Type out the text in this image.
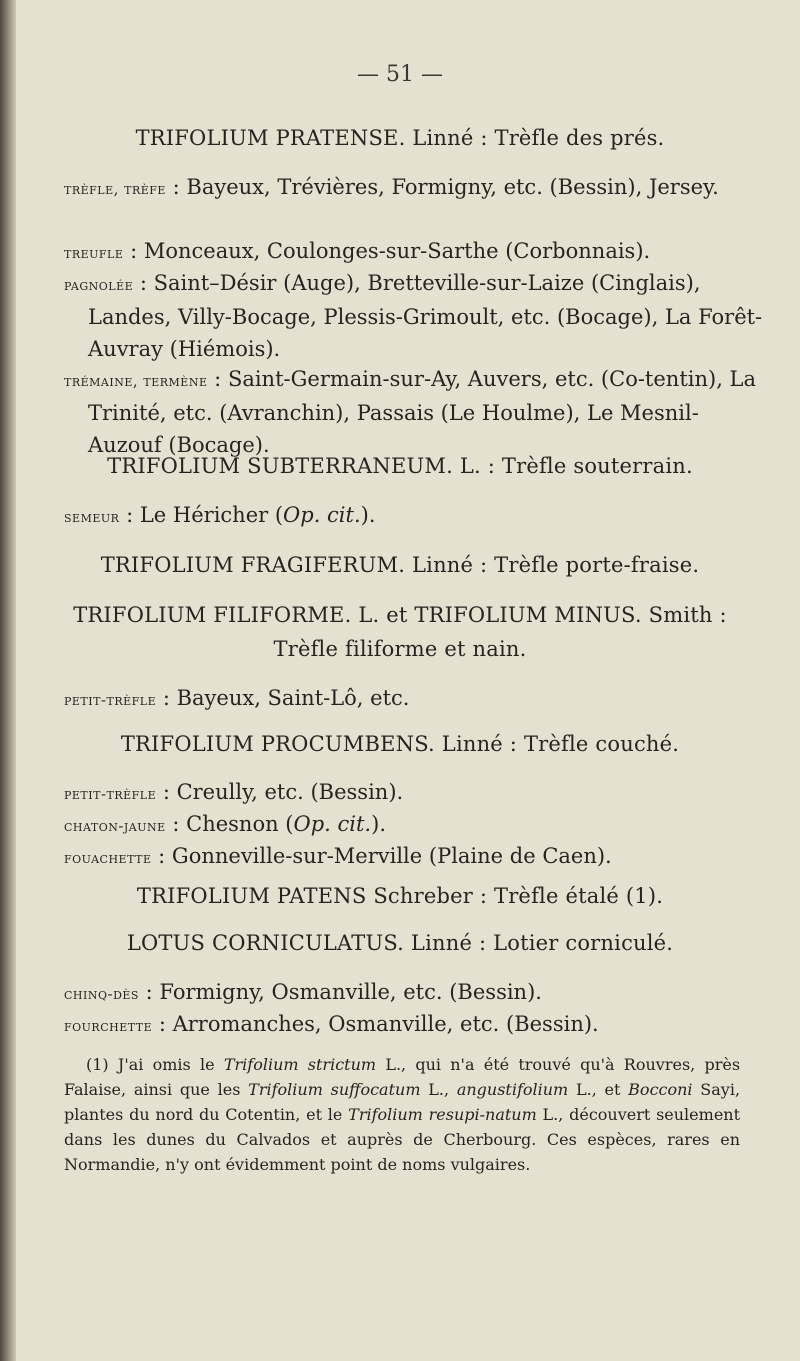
— 51 —
TRIFOLIUM PRATENSE. Linné : Trèfle des prés.
trèfle, trèfe : Bayeux, Trévières, Formigny, etc. (Bessin), Jersey.
treufle : Monceaux, Coulonges-sur-Sarthe (Corbonnais).
pagnolée : Saint–Désir (Auge), Bretteville-sur-Laize (Cinglais), Landes, Villy-Bocage, Plessis-Grimoult, etc. (Bocage), La Forêt-Auvray (Hiémois).
trémaine, termène : Saint-Germain-sur-Ay, Auvers, etc. (Co-tentin), La Trinité, etc. (Avranchin), Passais (Le Houlme), Le Mesnil-Auzouf (Bocage).
TRIFOLIUM SUBTERRANEUM. L. : Trèfle souterrain.
semeur : Le Héricher (Op. cit.).
TRIFOLIUM FRAGIFERUM. Linné : Trèfle porte-fraise.
TRIFOLIUM FILIFORME. L. et TRIFOLIUM MINUS. Smith :
Trèfle filiforme et nain.
petit-trèfle : Bayeux, Saint-Lô, etc.
TRIFOLIUM PROCUMBENS. Linné : Trèfle couché.
petit-trèfle : Creully, etc. (Bessin).
chaton-jaune : Chesnon (Op. cit.).
fouachette : Gonneville-sur-Merville (Plaine de Caen).
TRIFOLIUM PATENS Schreber : Trèfle étalé (1).
LOTUS CORNICULATUS. Linné : Lotier corniculé.
chinq-dès : Formigny, Osmanville, etc. (Bessin).
fourchette : Arromanches, Osmanville, etc. (Bessin).
(1) J'ai omis le Trifolium strictum L., qui n'a été trouvé qu'à Rouvres, près Falaise, ainsi que les Trifolium suffocatum L., angustifolium L., et Bocconi Sayi, plantes du nord du Cotentin, et le Trifolium resupi-natum L., découvert seulement dans les dunes du Calvados et auprès de Cherbourg. Ces espèces, rares en Normandie, n'y ont évidemment point de noms vulgaires.
